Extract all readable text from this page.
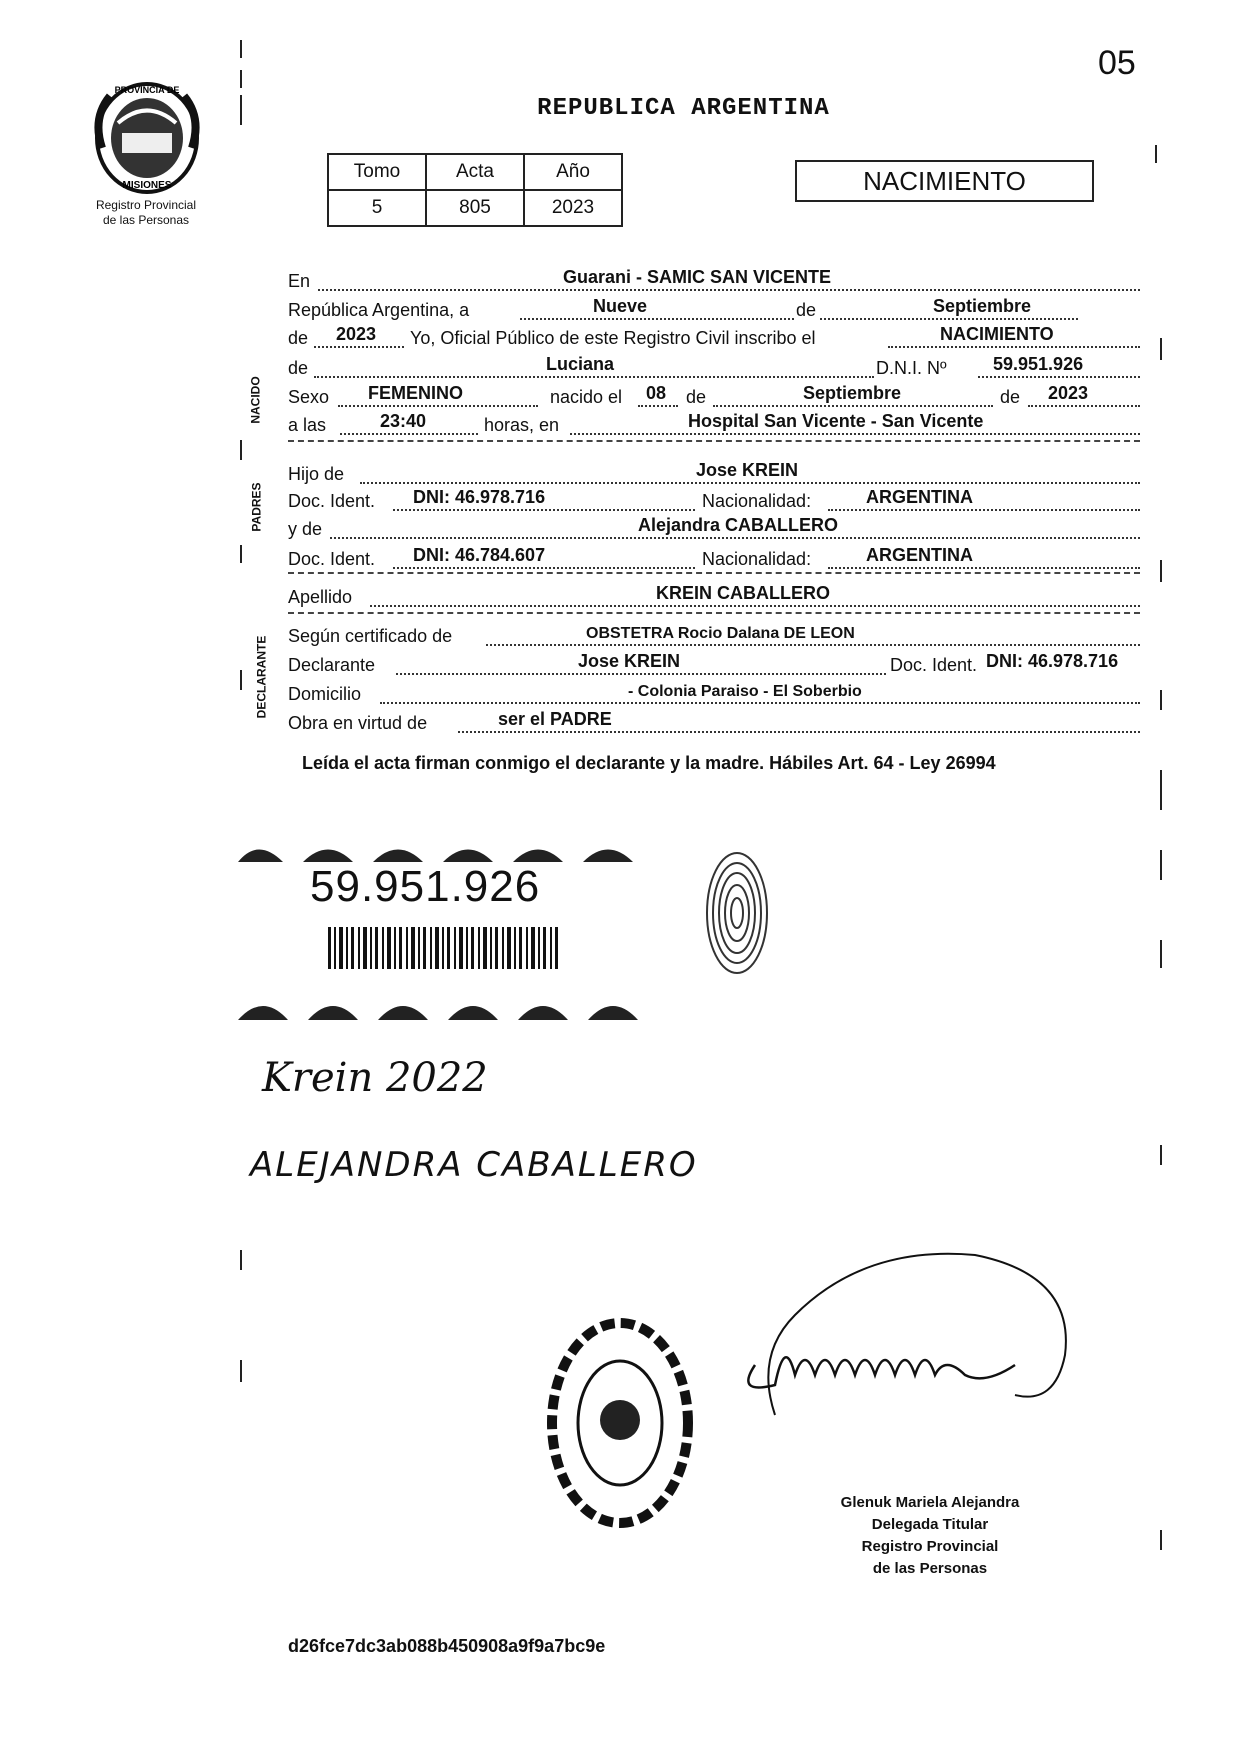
05
PROVINCIA DE
MISIONES
Registro Provincial
de las Personas
REPUBLICA ARGENTINA
Tomo	Acta	Año
5	805	2023
NACIMIENTO
NACIDO
PADRES
DECLARANTE
En	Guarani - SAMIC SAN VICENTE
República Argentina, a	Nueve	de	Septiembre
de 2023 Yo, Oficial Público de este Registro Civil inscribo el	NACIMIENTO
de	Luciana	D.N.I. Nº	59.951.926
Sexo FEMENINO	nacido el 08 de	Septiembre	de 2023
a las	23:40	horas, en	Hospital San Vicente - San Vicente
Hijo de	Jose KREIN
Doc. Ident. DNI: 46.978.716	Nacionalidad:	ARGENTINA
y de	Alejandra CABALLERO
Doc. Ident. DNI: 46.784.607	Nacionalidad:	ARGENTINA
Apellido	KREIN CABALLERO
Según certificado de	OBSTETRA Rocio Dalana DE LEON
Declarante	Jose KREIN	Doc. Ident. DNI: 46.978.716
Domicilio	- Colonia Paraiso - El Soberbio
Obra en virtud de	ser el PADRE
Leída el acta firman conmigo el declarante y la madre. Hábiles Art. 64 - Ley 26994
59.951.926
Krein 2022
ALEJANDRA CABALLERO
Glenuk Mariela Alejandra
Delegada Titular
Registro Provincial
de las Personas
d26fce7dc3ab088b450908a9f9a7bc9e
